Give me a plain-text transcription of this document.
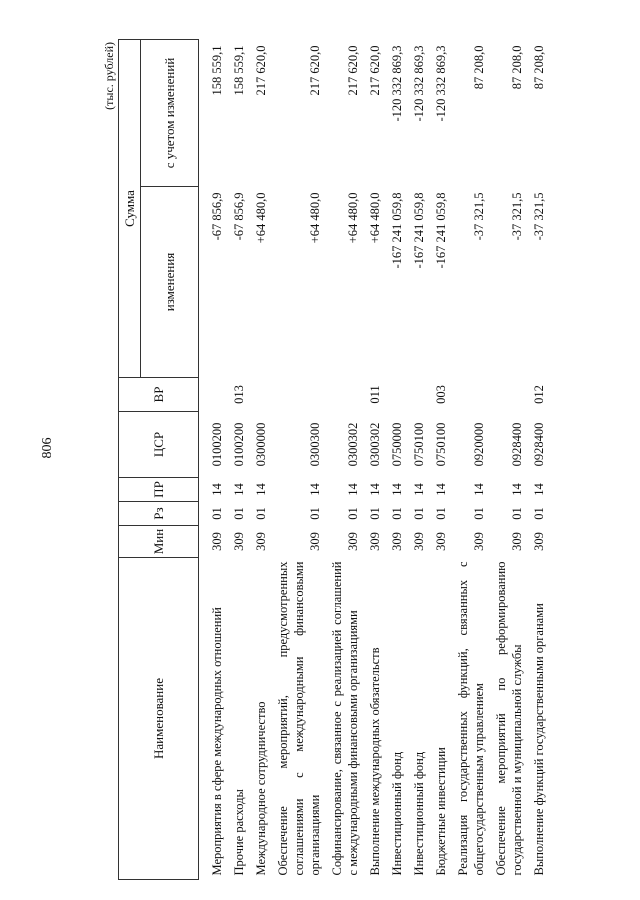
806
(тыс. рублей)
Наименование	Мин	Рз	ПР	ЦСР	ВР	Сумма	
						изменения	с учетом изменений
Мероприятия в сфере международных отношений	309	01	14	0100200		-67 856,9	158 559,1
Прочие расходы	309	01	14	0100200	013	-67 856,9	158 559,1
Международное сотрудничество	309	01	14	0300000		+64 480,0	217 620,0
Обеспечение мероприятий, предусмотренных соглашениями с международными финансовыми организациями	309	01	14	0300300		+64 480,0	217 620,0
Софинансирование, связанное с реализацией соглашений с международными финансовыми организациями	309	01	14	0300302		+64 480,0	217 620,0
Выполнение международных обязательств	309	01	14	0300302	011	+64 480,0	217 620,0
Инвестиционный фонд	309	01	14	0750000		-167 241 059,8	-120 332 869,3
Инвестиционный фонд	309	01	14	0750100		-167 241 059,8	-120 332 869,3
Бюджетные инвестиции	309	01	14	0750100	003	-167 241 059,8	-120 332 869,3
Реализация государственных функций, связанных с общегосударственным управлением	309	01	14	0920000		-37 321,5	87 208,0
Обеспечение мероприятий по реформированию государственной и муниципальной службы	309	01	14	0928400		-37 321,5	87 208,0
Выполнение функций государственными органами	309	01	14	0928400	012	-37 321,5	87 208,0
